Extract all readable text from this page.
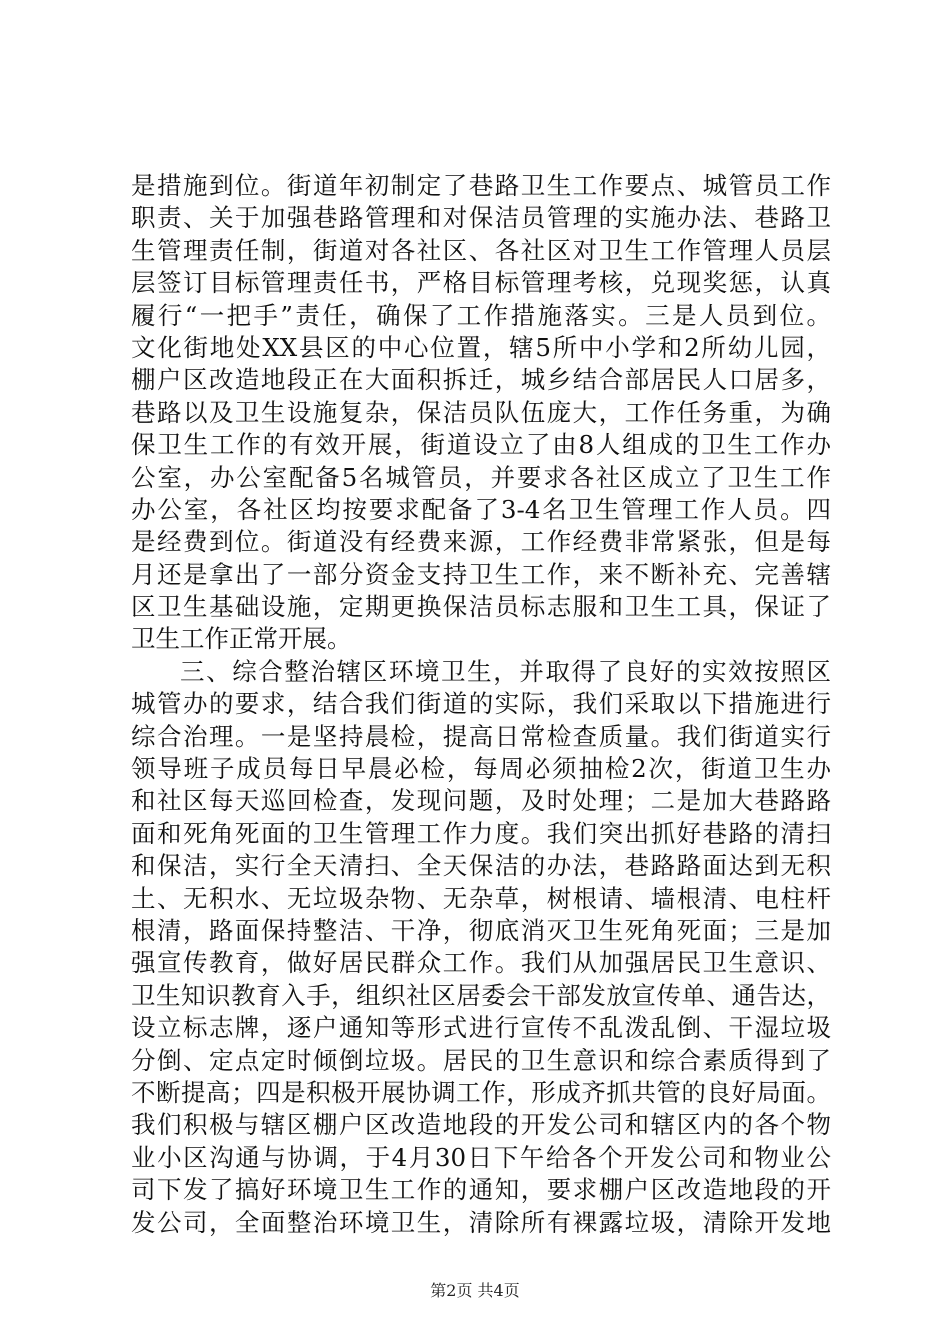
是措施到位。街道年初制定了巷路卫生工作要点、城管员工作
职责、关于加强巷路管理和对保洁员管理的实施办法、巷路卫
生管理责任制，街道对各社区、各社区对卫生工作管理人员层
层签订目标管理责任书，严格目标管理考核，兑现奖惩，认真
履行“一把手”责任，确保了工作措施落实。三是人员到位。
文化街地处XX县区的中心位置，辖5所中小学和2所幼儿园，
棚户区改造地段正在大面积拆迁，城乡结合部居民人口居多，
巷路以及卫生设施复杂，保洁员队伍庞大，工作任务重，为确
保卫生工作的有效开展，街道设立了由8人组成的卫生工作办
公室，办公室配备5名城管员，并要求各社区成立了卫生工作
办公室，各社区均按要求配备了3-4名卫生管理工作人员。四
是经费到位。街道没有经费来源，工作经费非常紧张，但是每
月还是拿出了一部分资金支持卫生工作，来不断补充、完善辖
区卫生基础设施，定期更换保洁员标志服和卫生工具，保证了
卫生工作正常开展。
三、综合整治辖区环境卫生，并取得了良好的实效按照区
城管办的要求，结合我们街道的实际，我们采取以下措施进行
综合治理。一是坚持晨检，提高日常检查质量。我们街道实行
领导班子成员每日早晨必检，每周必须抽检2次，街道卫生办
和社区每天巡回检查，发现问题，及时处理；二是加大巷路路
面和死角死面的卫生管理工作力度。我们突出抓好巷路的清扫
和保洁，实行全天清扫、全天保洁的办法，巷路路面达到无积
土、无积水、无垃圾杂物、无杂草，树根请、墙根清、电柱杆
根清，路面保持整洁、干净，彻底消灭卫生死角死面；三是加
强宣传教育，做好居民群众工作。我们从加强居民卫生意识、
卫生知识教育入手，组织社区居委会干部发放宣传单、通告达，
设立标志牌，逐户通知等形式进行宣传不乱泼乱倒、干湿垃圾
分倒、定点定时倾倒垃圾。居民的卫生意识和综合素质得到了
不断提高；四是积极开展协调工作，形成齐抓共管的良好局面。
我们积极与辖区棚户区改造地段的开发公司和辖区内的各个物
业小区沟通与协调，于4月30日下午给各个开发公司和物业公
司下发了搞好环境卫生工作的通知，要求棚户区改造地段的开
发公司，全面整治环境卫生，清除所有裸露垃圾，清除开发地
第2页 共4页
